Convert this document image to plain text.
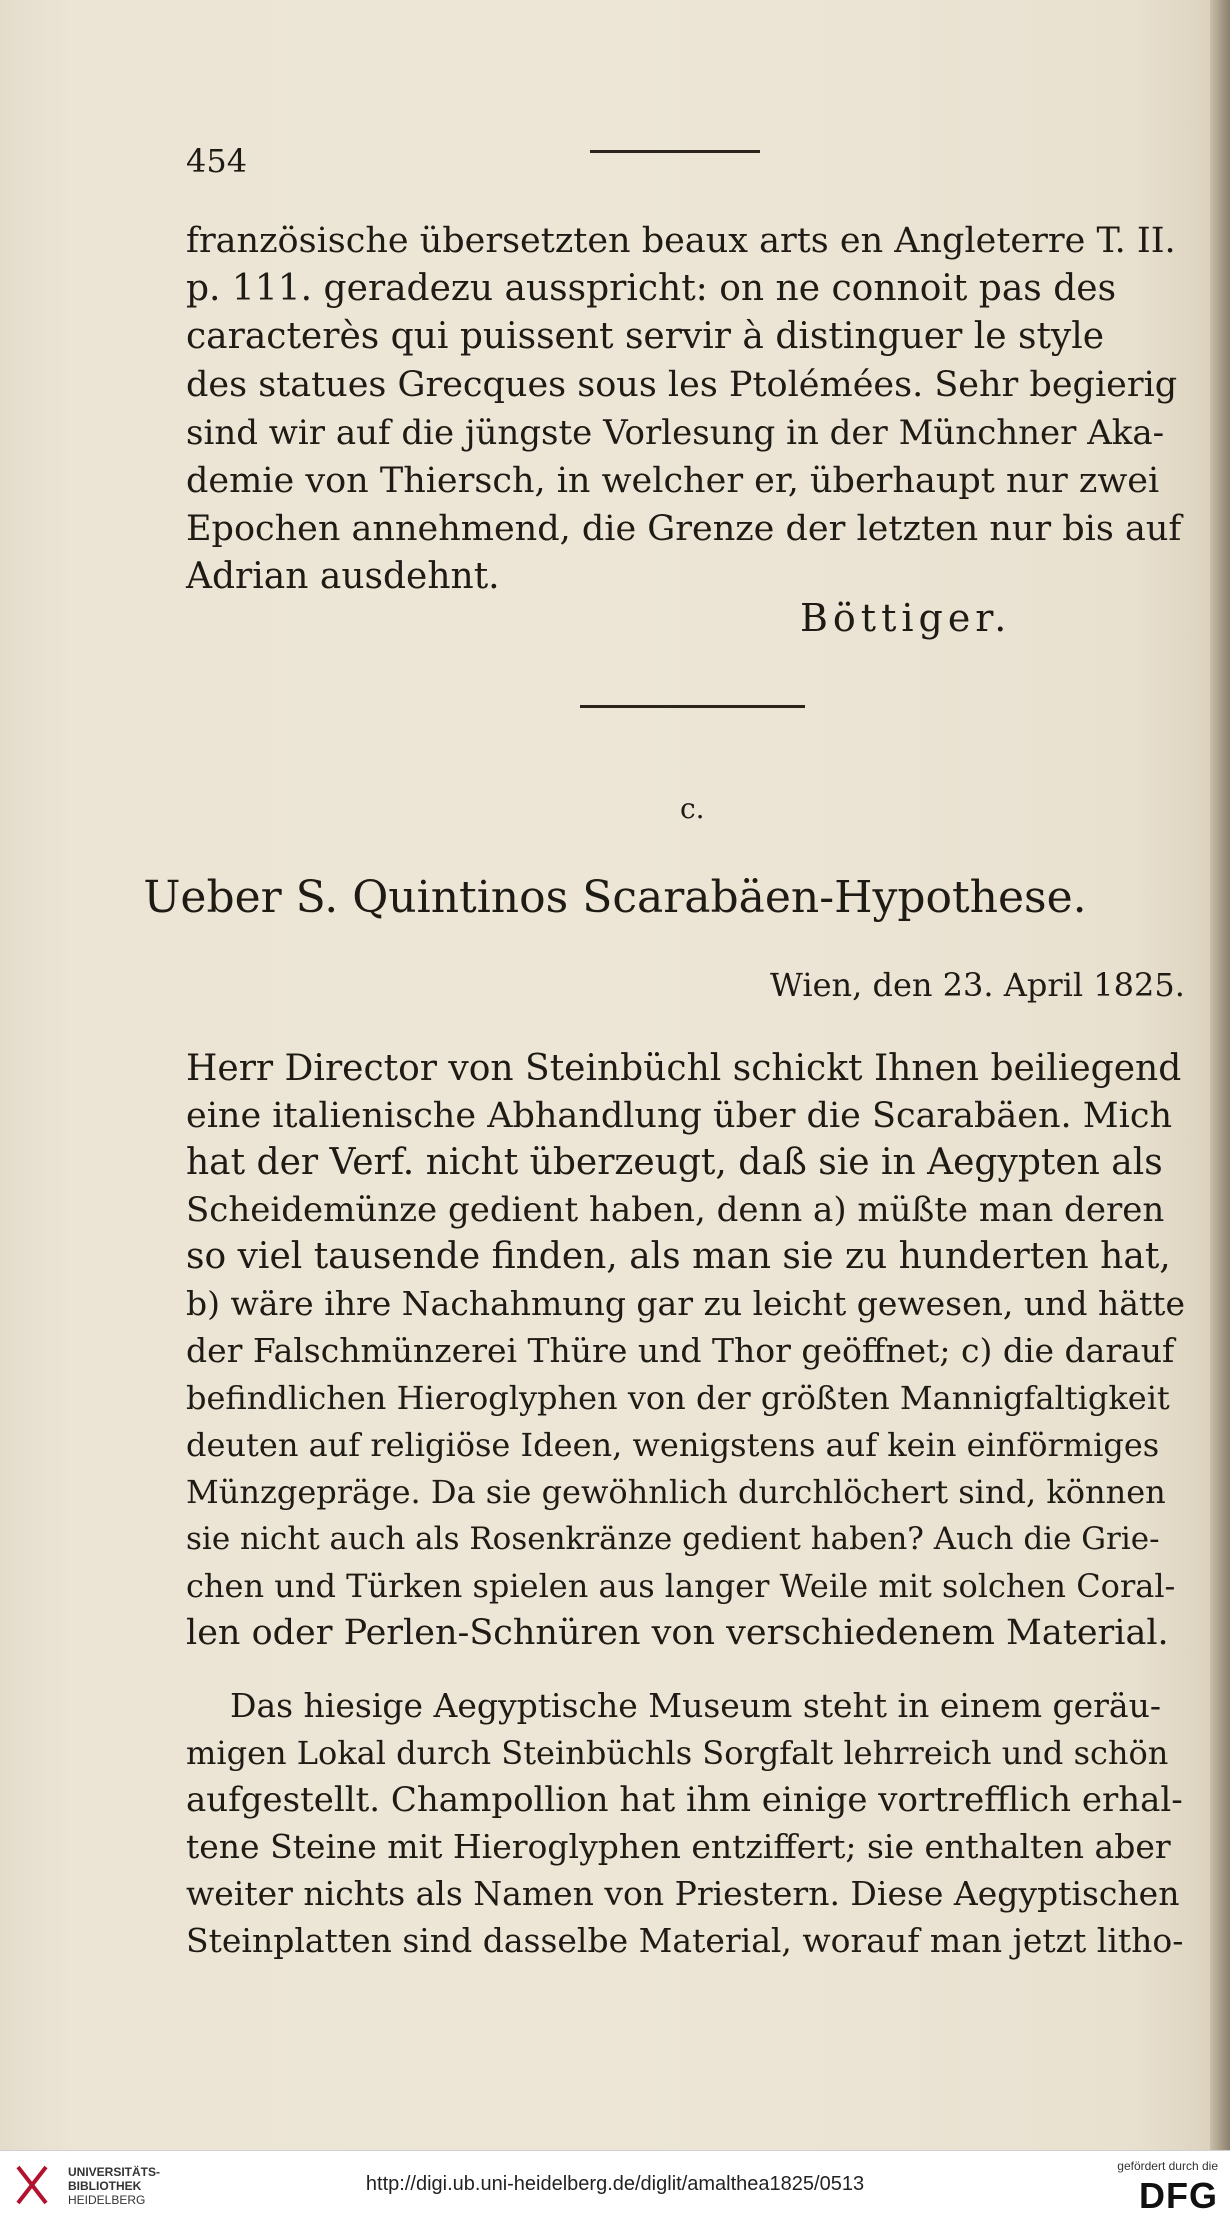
454

französische übersetzten beaux arts en Angleterre T. II.

p. 111. geradezu ausspricht: on ne connoit pas des

caracterès qui puissent servir à distinguer le style

des statues Grecques sous les Ptolémées. Sehr begierig

sind wir auf die jüngste Vorlesung in der Münchner Aka-

demie von Thiersch, in welcher er, überhaupt nur zwei

Epochen annehmend, die Grenze der letzten nur bis auf

Adrian ausdehnt.

Böttiger.
c.
Ueber S. Quintinos Scarabäen-Hypothese.
Wien, den 23. April 1825.

Herr Director von Steinbüchl schickt Ihnen beiliegend

eine italienische Abhandlung über die Scarabäen. Mich

hat der Verf. nicht überzeugt, daß sie in Aegypten als

Scheidemünze gedient haben, denn a) müßte man deren

so viel tausende finden, als man sie zu hunderten hat,

b) wäre ihre Nachahmung gar zu leicht gewesen, und hätte

der Falschmünzerei Thüre und Thor geöffnet; c) die darauf

befindlichen Hieroglyphen von der größten Mannigfaltigkeit

deuten auf religiöse Ideen, wenigstens auf kein einförmiges

Münzgepräge. Da sie gewöhnlich durchlöchert sind, können

sie nicht auch als Rosenkränze gedient haben? Auch die Grie-

chen und Türken spielen aus langer Weile mit solchen Coral-

len oder Perlen-Schnüren von verschiedenem Material.

Das hiesige Aegyptische Museum steht in einem geräu-

migen Lokal durch Steinbüchls Sorgfalt lehrreich und schön

aufgestellt. Champollion hat ihm einige vortrefflich erhal-

tene Steine mit Hieroglyphen entziffert; sie enthalten aber

weiter nichts als Namen von Priestern. Diese Aegyptischen

Steinplatten sind dasselbe Material, worauf man jetzt litho-

UNIVERSITÄTS-
BIBLIOTHEK
HEIDELBERG
http://digi.ub.uni-heidelberg.de/diglit/amalthea1825/0513
gefördert durch die
DFG
